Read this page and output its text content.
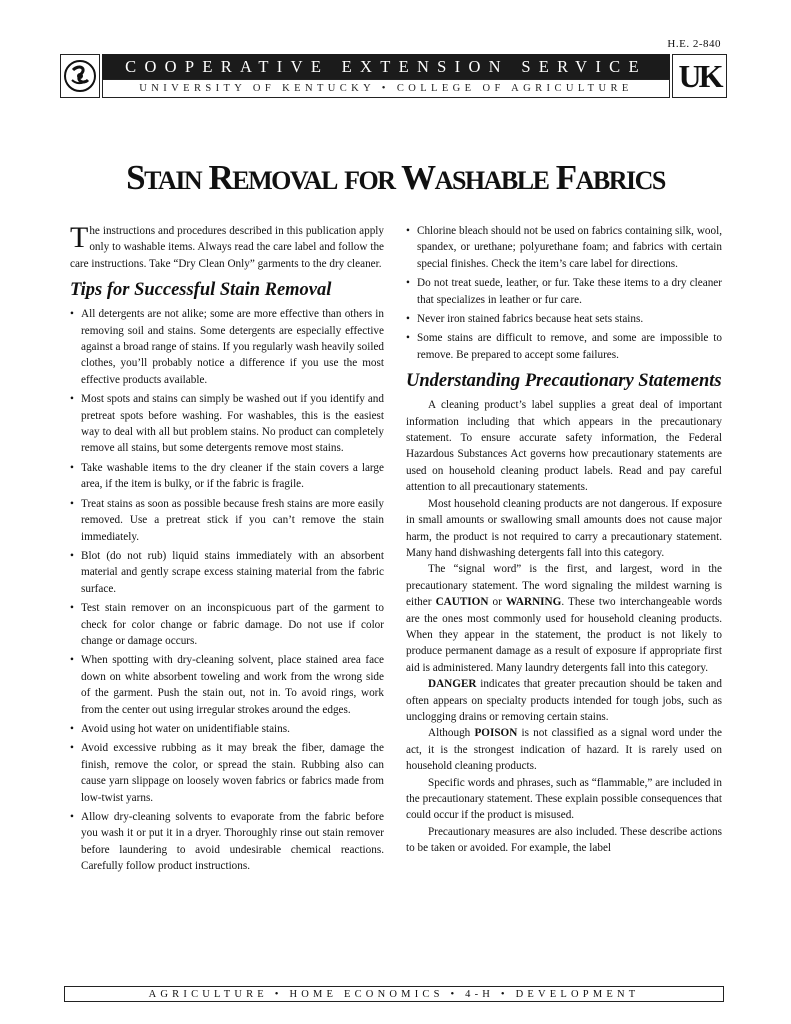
H.E. 2-840
COOPERATIVE EXTENSION SERVICE
UNIVERSITY OF KENTUCKY • COLLEGE OF AGRICULTURE	UK
STAIN REMOVAL FOR WASHABLE FABRICS

The instructions and procedures described in this publication apply only to washable items. Always read the care label and follow the care instructions. Take “Dry Clean Only” garments to the dry cleaner.

Tips for Successful Stain Removal
• All detergents are not alike; some are more effective than others in removing soil and stains. Some detergents are especially effective against a broad range of stains. If you regularly wash heavily soiled clothes, you’ll probably notice a difference if you use the most effective products available.
• Most spots and stains can simply be washed out if you identify and pretreat spots before washing. For washables, this is the easiest way to deal with all but problem stains. No product can completely remove all stains, but some detergents remove most stains.
• Take washable items to the dry cleaner if the stain covers a large area, if the item is bulky, or if the fabric is fragile.
• Treat stains as soon as possible because fresh stains are more easily removed. Use a pretreat stick if you can’t remove the stain immediately.
• Blot (do not rub) liquid stains immediately with an absorbent material and gently scrape excess staining material from the fabric surface.
• Test stain remover on an inconspicuous part of the garment to check for color change or fabric damage. Do not use if color change or damage occurs.
• When spotting with dry-cleaning solvent, place stained area face down on white absorbent toweling and work from the wrong side of the garment. Push the stain out, not in. To avoid rings, work from the center out using irregular strokes around the edges.
• Avoid using hot water on unidentifiable stains.
• Avoid excessive rubbing as it may break the fiber, damage the finish, remove the color, or spread the stain. Rubbing also can cause yarn slippage on loosely woven fabrics or fabrics made from low-twist yarns.
• Allow dry-cleaning solvents to evaporate from the fabric before you wash it or put it in a dryer. Thoroughly rinse out stain remover before laundering to avoid undesirable chemical reactions. Carefully follow product instructions.
• Chlorine bleach should not be used on fabrics containing silk, wool, spandex, or urethane; polyurethane foam; and fabrics with certain special finishes. Check the item’s care label for directions.
• Do not treat suede, leather, or fur. Take these items to a dry cleaner that specializes in leather or fur care.
• Never iron stained fabrics because heat sets stains.
• Some stains are difficult to remove, and some are impossible to remove. Be prepared to accept some failures.
Understanding Precautionary Statements

A cleaning product’s label supplies a great deal of important information including that which appears in the precautionary statement. To ensure accurate safety information, the Federal Hazardous Substances Act governs how precautionary statements are used on household cleaning product labels. Read and pay careful attention to all precautionary statements.

Most household cleaning products are not dangerous. If exposure in small amounts or swallowing small amounts does not cause major harm, the product is not required to carry a precautionary statement. Many hand dishwashing detergents fall into this category.

The “signal word” is the first, and largest, word in the precautionary statement. The word signaling the mildest warning is either CAUTION or WARNING. These two interchangeable words are the ones most commonly used for household cleaning products. When they appear in the statement, the product is not likely to produce permanent damage as a result of exposure if appropriate first aid is administered. Many laundry detergents fall into this category.

DANGER indicates that greater precaution should be taken and often appears on specialty products intended for tough jobs, such as unclogging drains or removing certain stains.

Although POISON is not classified as a signal word under the act, it is the strongest indication of hazard. It is rarely used on household cleaning products.

Specific words and phrases, such as “flammable,” are included in the precautionary statement. These explain possible consequences that could occur if the product is misused.

Precautionary measures are also included. These describe actions to be taken or avoided. For example, the label

AGRICULTURE • HOME ECONOMICS • 4-H • DEVELOPMENT
